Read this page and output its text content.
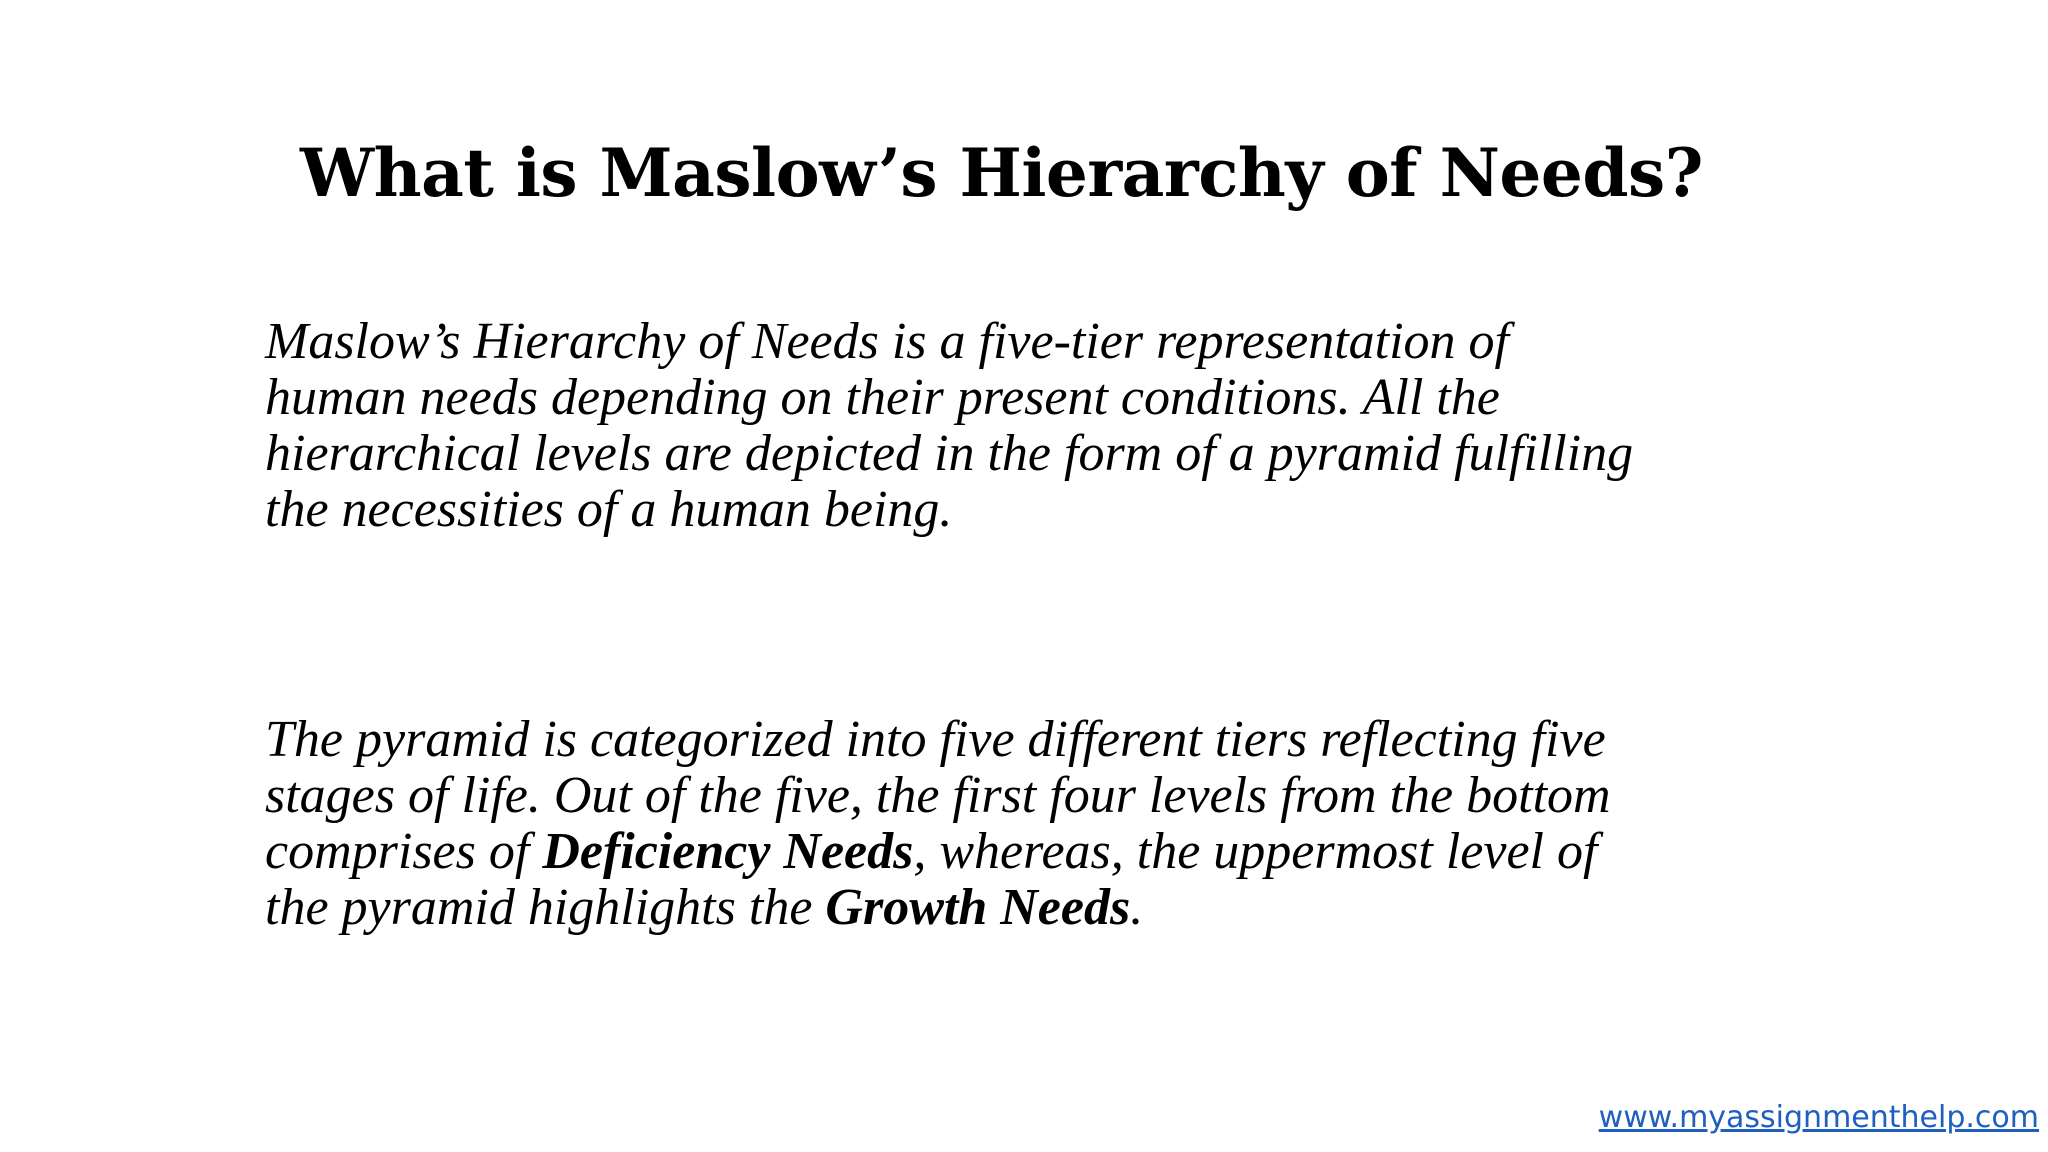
What is Maslow’s Hierarchy of Needs?

Maslow’s Hierarchy of Needs is a five-tier representation of
human needs depending on their present conditions. All the
hierarchical levels are depicted in the form of a pyramid fulfilling
the necessities of a human being.

The pyramid is categorized into five different tiers reflecting five
stages of life. Out of the five, the first four levels from the bottom
comprises of Deficiency Needs, whereas, the uppermost level of
the pyramid highlights the Growth Needs.

www.myassignmenthelp.com
